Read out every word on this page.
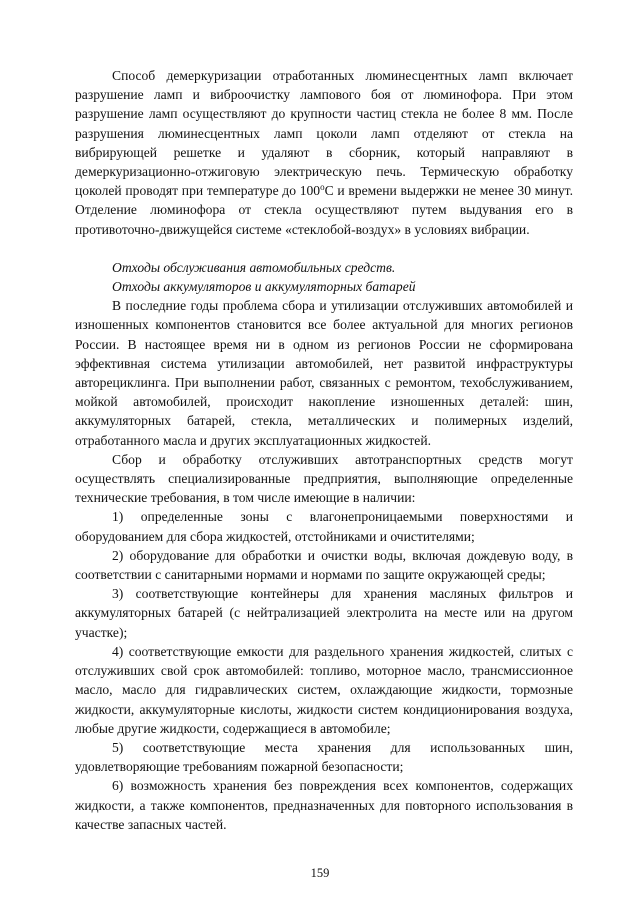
Способ демеркуризации отработанных люминесцентных ламп включает разрушение ламп и виброочистку лампового боя от люминофора. При этом разрушение ламп осуществляют до крупности частиц стекла не более 8 мм. После разрушения люминесцентных ламп цоколи ламп отделяют от стекла на вибрирующей решетке и удаляют в сборник, который направляют в демеркуризационно-отжиговую электрическую печь. Термическую обработку цоколей проводят при температуре до $100^оС$ и времени выдержки не менее 30 минут. Отделение люминофора от стекла осуществляют путем выдувания его в противоточно-движущейся системе «стеклобой-воздух» в условиях вибрации.

Отходы обслуживания автомобильных средств.

Отходы аккумуляторов и аккумуляторных батарей

В последние годы проблема сбора и утилизации отслуживших автомобилей и изношенных компонентов становится все более актуальной для многих регионов России. В настоящее время ни в одном из регионов России не сформирована эффективная система утилизации автомобилей, нет развитой инфраструктуры авторециклинга. При выполнении работ, связанных с ремонтом, техобслуживанием, мойкой автомобилей, происходит накопление изношенных деталей: шин, аккумуляторных батарей, стекла, металлических и полимерных изделий, отработанного масла и других эксплуатационных жидкостей.

Сбор и обработку отслуживших автотранспортных средств могут осуществлять специализированные предприятия, выполняющие определенные технические требования, в том числе имеющие в наличии:

1) определенные зоны с влагонепроницаемыми поверхностями и оборудованием для сбора жидкостей, отстойниками и очистителями;

2) оборудование для обработки и очистки воды, включая дождевую воду, в соответствии с санитарными нормами и нормами по защите окружающей среды;

3) соответствующие контейнеры для хранения масляных фильтров и аккумуляторных батарей (с нейтрализацией электролита на месте или на другом участке);

4) соответствующие емкости для раздельного хранения жидкостей, слитых с отслуживших свой срок автомобилей: топливо, моторное масло, трансмиссионное масло, масло для гидравлических систем, охлаждающие жидкости, тормозные жидкости, аккумуляторные кислоты, жидкости систем кондиционирования воздуха, любые другие жидкости, содержащиеся в автомобиле;

5) соответствующие места хранения для использованных шин, удовлетворяющие требованиям пожарной безопасности;

6) возможность хранения без повреждения всех компонентов, содержащих жидкости, а также компонентов, предназначенных для повторного использования в качестве запасных частей.

159
